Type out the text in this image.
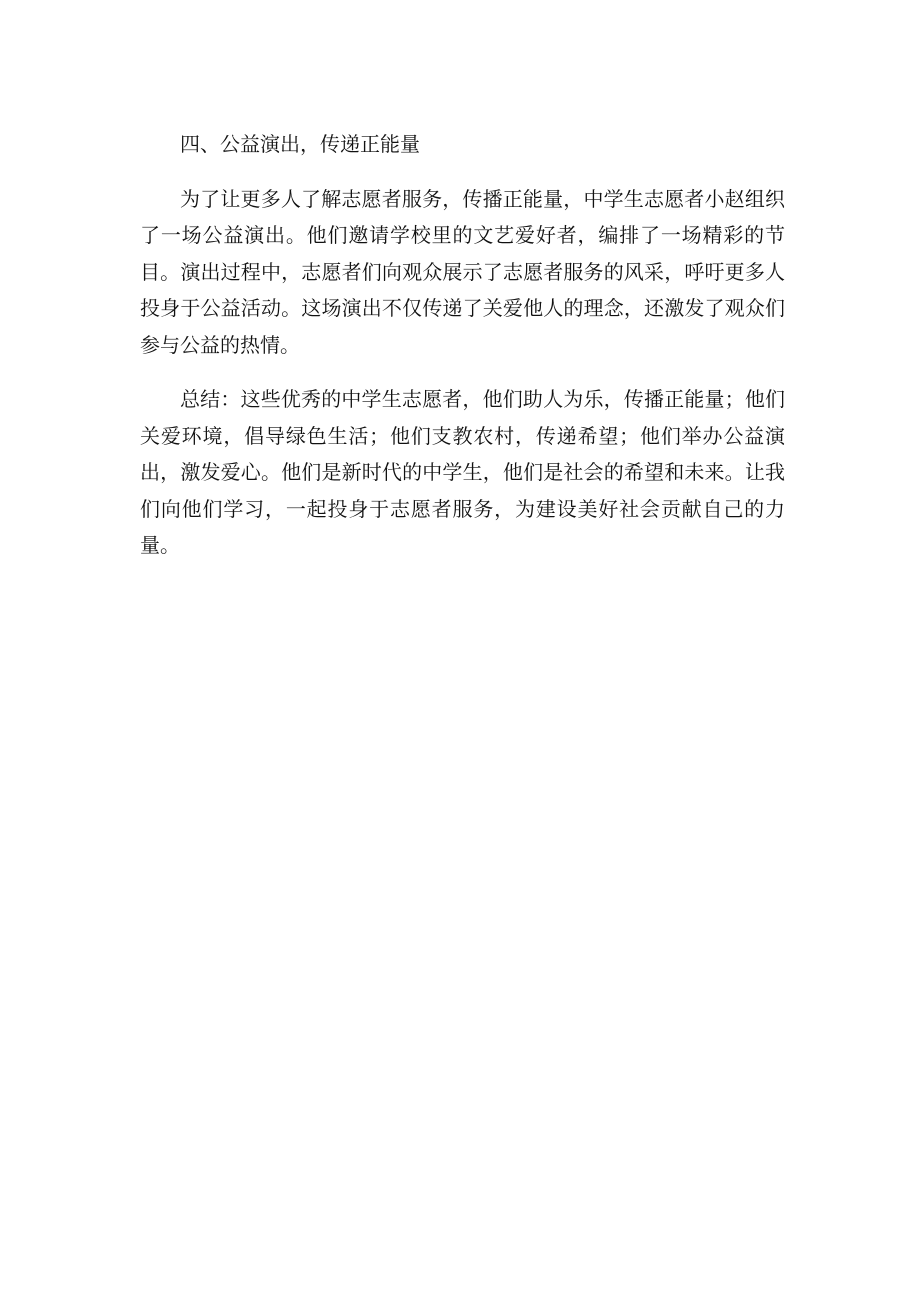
四、公益演出，传递正能量

为了让更多人了解志愿者服务，传播正能量，中学生志愿者小赵组织了一场公益演出。他们邀请学校里的文艺爱好者，编排了一场精彩的节目。演出过程中，志愿者们向观众展示了志愿者服务的风采，呼吁更多人投身于公益活动。这场演出不仅传递了关爱他人的理念，还激发了观众们参与公益的热情。

总结：这些优秀的中学生志愿者，他们助人为乐，传播正能量；他们关爱环境，倡导绿色生活；他们支教农村，传递希望；他们举办公益演出，激发爱心。他们是新时代的中学生，他们是社会的希望和未来。让我们向他们学习，一起投身于志愿者服务，为建设美好社会贡献自己的力量。
